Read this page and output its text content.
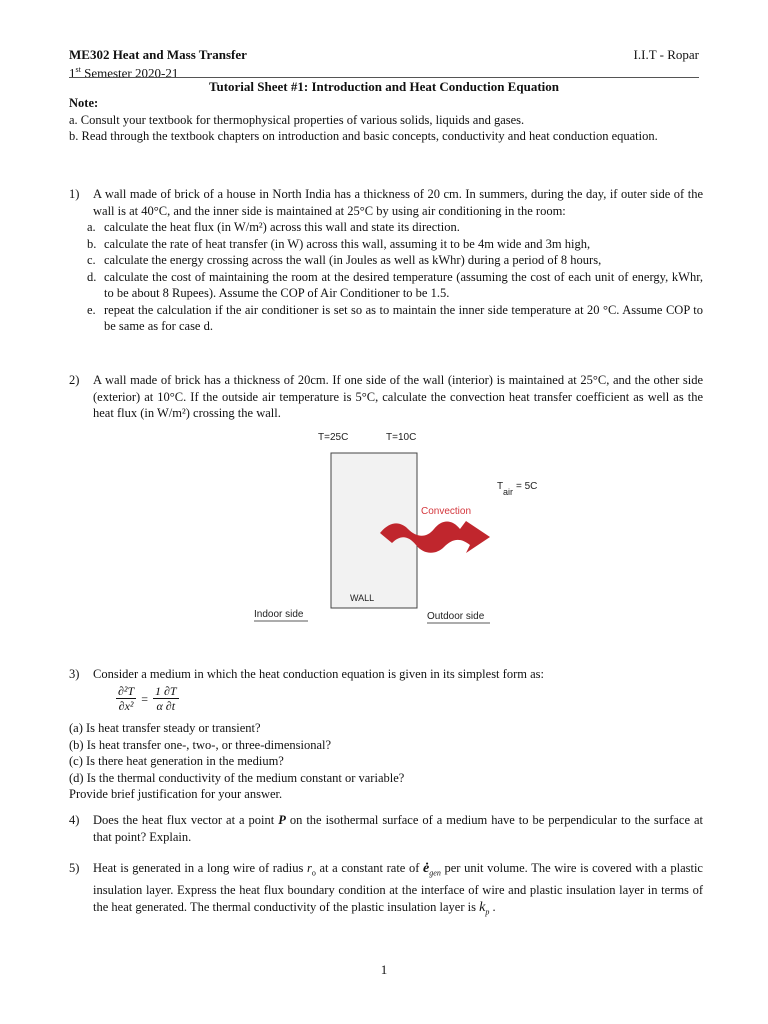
ME302 Heat and Mass Transfer	I.I.T - Ropar
1st Semester 2020-21
Tutorial Sheet #1: Introduction and Heat Conduction Equation
Note:
a. Consult your textbook for thermophysical properties of various solids, liquids and gases.
b. Read through the textbook chapters on introduction and basic concepts, conductivity and heat conduction equation.
1) A wall made of brick of a house in North India has a thickness of 20 cm. In summers, during the day, if outer side of the wall is at 40°C, and the inner side is maintained at 25°C by using air conditioning in the room:
a. calculate the heat flux (in W/m²) across this wall and state its direction.
b. calculate the rate of heat transfer (in W) across this wall, assuming it to be 4m wide and 3m high,
c. calculate the energy crossing across the wall (in Joules as well as kWhr) during a period of 8 hours,
d. calculate the cost of maintaining the room at the desired temperature (assuming the cost of each unit of energy, kWhr, to be about 8 Rupees). Assume the COP of Air Conditioner to be 1.5.
e. repeat the calculation if the air conditioner is set so as to maintain the inner side temperature at 20 °C. Assume COP to be same as for case d.
2) A wall made of brick has a thickness of 20cm. If one side of the wall (interior) is maintained at 25°C, and the other side (exterior) at 10°C. If the outside air temperature is 5°C, calculate the convection heat transfer coefficient as well as the heat flux (in W/m²) crossing the wall.
T=25C	T=10C
WALL
T air = 5C
Convection
Indoor side	Outdoor side
3) Consider a medium in which the heat conduction equation is given in its simplest form as:
$\frac{\text{∂²T}}{\text{∂x²}} = \frac{1 \partial T}{\alpha \partial t}$
(a) Is heat transfer steady or transient?
(b) Is heat transfer one-, two-, or three-dimensional?
(c) Is there heat generation in the medium?
(d) Is the thermal conductivity of the medium constant or variable?
Provide brief justification for your answer.
4) Does the heat flux vector at a point P on the isothermal surface of a medium have to be perpendicular to the surface at that point? Explain.
5) Heat is generated in a long wire of radius $r_o$ at a constant rate of $ė_{gen}$ per unit volume. The wire is covered with a plastic insulation layer. Express the heat flux boundary condition at the interface of wire and plastic insulation layer in terms of the heat generated. The thermal conductivity of the plastic insulation layer is $k_p$ .
1
